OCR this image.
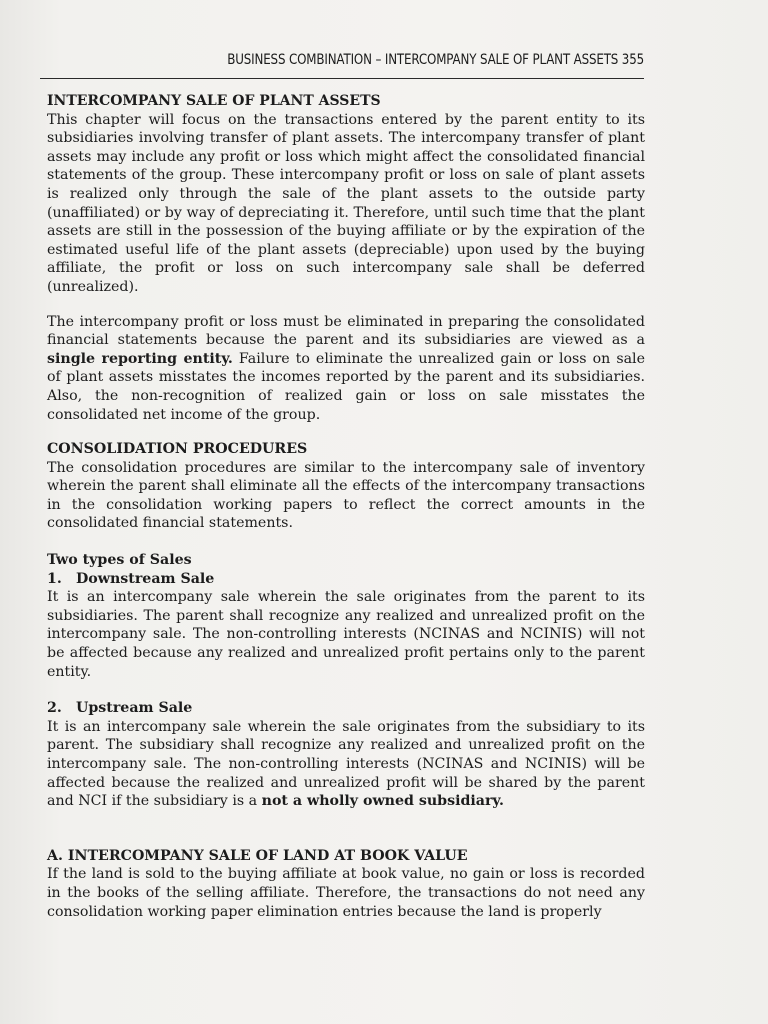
BUSINESS COMBINATION – INTERCOMPANY SALE OF PLANT ASSETS 355

INTERCOMPANY SALE OF PLANT ASSETS

This chapter will focus on the transactions entered by the parent entity to its subsidiaries involving transfer of plant assets. The intercompany transfer of plant assets may include any profit or loss which might affect the consolidated financial statements of the group. These intercompany profit or loss on sale of plant assets is realized only through the sale of the plant assets to the outside party (unaffiliated) or by way of depreciating it. Therefore, until such time that the plant assets are still in the possession of the buying affiliate or by the expiration of the estimated useful life of the plant assets (depreciable) upon used by the buying affiliate, the profit or loss on such intercompany sale shall be deferred (unrealized).

The intercompany profit or loss must be eliminated in preparing the consolidated financial statements because the parent and its subsidiaries are viewed as a single reporting entity. Failure to eliminate the unrealized gain or loss on sale of plant assets misstates the incomes reported by the parent and its subsidiaries. Also, the non-recognition of realized gain or loss on sale misstates the consolidated net income of the group.

CONSOLIDATION PROCEDURES

The consolidation procedures are similar to the intercompany sale of inventory wherein the parent shall eliminate all the effects of the intercompany transactions in the consolidation working papers to reflect the correct amounts in the consolidated financial statements.

Two types of Sales

1. Downstream Sale

It is an intercompany sale wherein the sale originates from the parent to its subsidiaries. The parent shall recognize any realized and unrealized profit on the intercompany sale. The non-controlling interests (NCINAS and NCINIS) will not be affected because any realized and unrealized profit pertains only to the parent entity.

2. Upstream Sale

It is an intercompany sale wherein the sale originates from the subsidiary to its parent. The subsidiary shall recognize any realized and unrealized profit on the intercompany sale. The non-controlling interests (NCINAS and NCINIS) will be affected because the realized and unrealized profit will be shared by the parent and NCI if the subsidiary is a not a wholly owned subsidiary.

A. INTERCOMPANY SALE OF LAND AT BOOK VALUE

If the land is sold to the buying affiliate at book value, no gain or loss is recorded in the books of the selling affiliate. Therefore, the transactions do not need any consolidation working paper elimination entries because the land is properly
